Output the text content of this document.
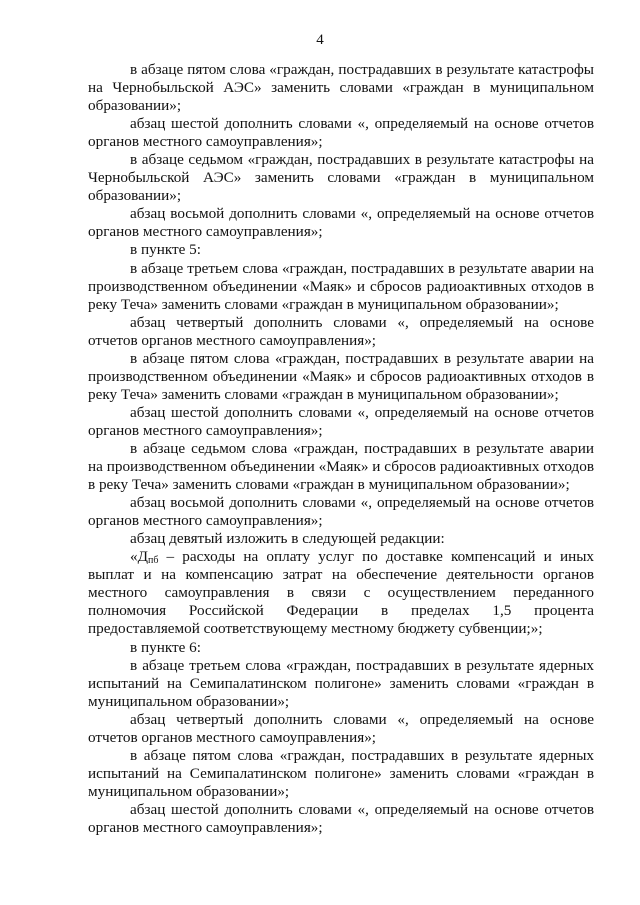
4

в абзаце пятом слова «граждан, пострадавших в результате катастрофы на Чернобыльской АЭС» заменить словами «граждан в муниципальном образовании»;

абзац шестой дополнить словами «, определяемый на основе отчетов органов местного самоуправления»;

в абзаце седьмом «граждан, пострадавших в результате катастрофы на Чернобыльской АЭС» заменить словами «граждан в муниципальном образовании»;

абзац восьмой дополнить словами «, определяемый на основе отчетов органов местного самоуправления»;

в пункте 5:

в абзаце третьем слова «граждан, пострадавших в результате аварии на производственном объединении «Маяк» и сбросов радиоактивных отходов в реку Теча» заменить словами «граждан в муниципальном образовании»;

абзац четвертый дополнить словами «, определяемый на основе отчетов органов местного самоуправления»;

в абзаце пятом слова «граждан, пострадавших в результате аварии на производственном объединении «Маяк» и сбросов радиоактивных отходов в реку Теча» заменить словами «граждан в муниципальном образовании»;

абзац шестой дополнить словами «, определяемый на основе отчетов органов местного самоуправления»;

в абзаце седьмом слова «граждан, пострадавших в результате аварии на производственном объединении «Маяк» и сбросов радиоактивных отходов в реку Теча» заменить словами «граждан в муниципальном образовании»;

абзац восьмой дополнить словами «, определяемый на основе отчетов органов местного самоуправления»;

абзац девятый изложить в следующей редакции:

«$Д_{пб}$ – расходы на оплату услуг по доставке компенсаций и иных выплат и на компенсацию затрат на обеспечение деятельности органов местного самоуправления в связи с осуществлением переданного полномочия Российской Федерации в пределах 1,5 процента предоставляемой соответствующему местному бюджету субвенции;»;

в пункте 6:

в абзаце третьем слова «граждан, пострадавших в результате ядерных испытаний на Семипалатинском полигоне» заменить словами «граждан в муниципальном образовании»;

абзац четвертый дополнить словами «, определяемый на основе отчетов органов местного самоуправления»;

в абзаце пятом слова «граждан, пострадавших в результате ядерных испытаний на Семипалатинском полигоне» заменить словами «граждан в муниципальном образовании»;

абзац шестой дополнить словами «, определяемый на основе отчетов органов местного самоуправления»;
